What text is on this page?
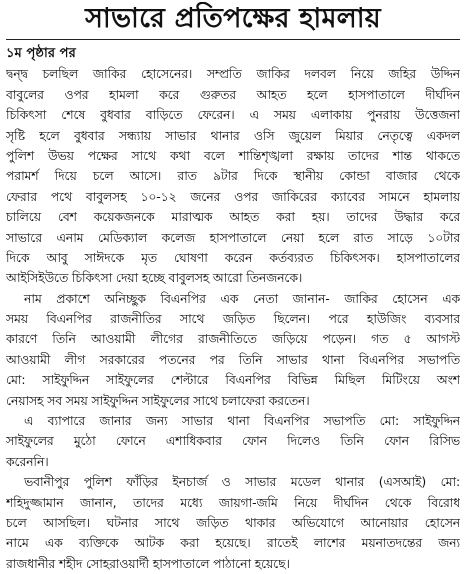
সাভারে প্রতিপক্ষের হামলায়
১ম পৃষ্ঠার পর
দ্বন্দ্ব চলছিল জাকির হোসেনের। সম্প্রতি জাকির দলবল নিয়ে জহির উদ্দিন
বাবুলের ওপর হামলা করে গুরুতর আহত হলে হাসপাতালে দীর্ঘদিন
চিকিৎসা শেষে বুধবার বাড়িতে ফেরেন। এ সময় এলাকায় পুনরায় উত্তেজনা
সৃষ্টি হলে বুধবার সন্ধ্যায় সাভার থানার ওসি জুয়েল মিয়ার নেতৃত্বে একদল
পুলিশ উভয় পক্ষের সাথে কথা বলে শান্তিশৃঙ্খলা রক্ষায় তাদের শান্ত থাকতে
পরামর্শ দিয়ে চলে আসে। রাত ৯টার দিকে স্থানীয় কোন্ডা বাজার থেকে
ফেরার পথে বাবুলসহ ১০-১২ জনের ওপর জাকিরের ক্যাবের সামনে হামলায়
চালিয়ে বেশ কয়েকজনকে মারাত্মক আহত করা হয়। তাদের উদ্ধার করে
সাভারে এনাম মেডিক্যাল কলেজ হাসপাতালে নেয়া হলে রাত সাড়ে ১০টার
দিকে আবু সাঈদকে মৃত ঘোষণা করেন কর্তব্যরত চিকিৎসক। হাসপাতালের
আইসিইউতে চিকিৎসা দেয়া হচ্ছে বাবুলসহ আরো তিনজনকে।
নাম প্রকাশে অনিচ্ছুক বিএনপির এক নেতা জানান- জাকির হোসেন এক
সময় বিএনপির রাজনীতির সাথে জড়িত ছিলেন। পরে হাউজিং ব্যবসার
কারণে তিনি আওয়ামী লীগের রাজনীতিতে জড়িয়ে পড়েন। গত ৫ আগস্ট
আওয়ামী লীগ সরকারের পতনের পর তিনি সাভার থানা বিএনপির সভাপতি
মো: সাইফুদ্দিন সাইফুলের শেল্টারে বিএনপির বিভিন্ন মিছিল মিটিংয়ে অংশ
নেয়াসহ সব সময় সাইফুদ্দিন সাইফুলের সাথে চলাফেরা করতেন।
এ ব্যাপারে জানার জন্য সাভার থানা বিএনপির সভাপতি মো: সাইফুদ্দিন
সাইফুলের মুঠো ফোনে এশাধিকবার ফোন দিলেও তিনি ফোন রিসিভ
করেননি।
ভবানীপুর পুলিশ ফাঁড়ির ইনচার্জ ও সাভার মডেল থানার (এসআই) মো:
শহিদুজ্জামান জানান, তাদের মধ্যে জায়গা-জমি নিয়ে দীর্ঘদিন থেকে বিরোধ
চলে আসছিল। ঘটনার সাথে জড়িত থাকার অভিযোগে আনোয়ার হোসেন
নামে এক ব্যক্তিকে আটক করা হয়েছে। রাতেই লাশের ময়নাতদন্তের জন্য
রাজধানীর শহীদ সোহরাওয়ার্দী হাসপাতালে পাঠানো হয়েছে।
